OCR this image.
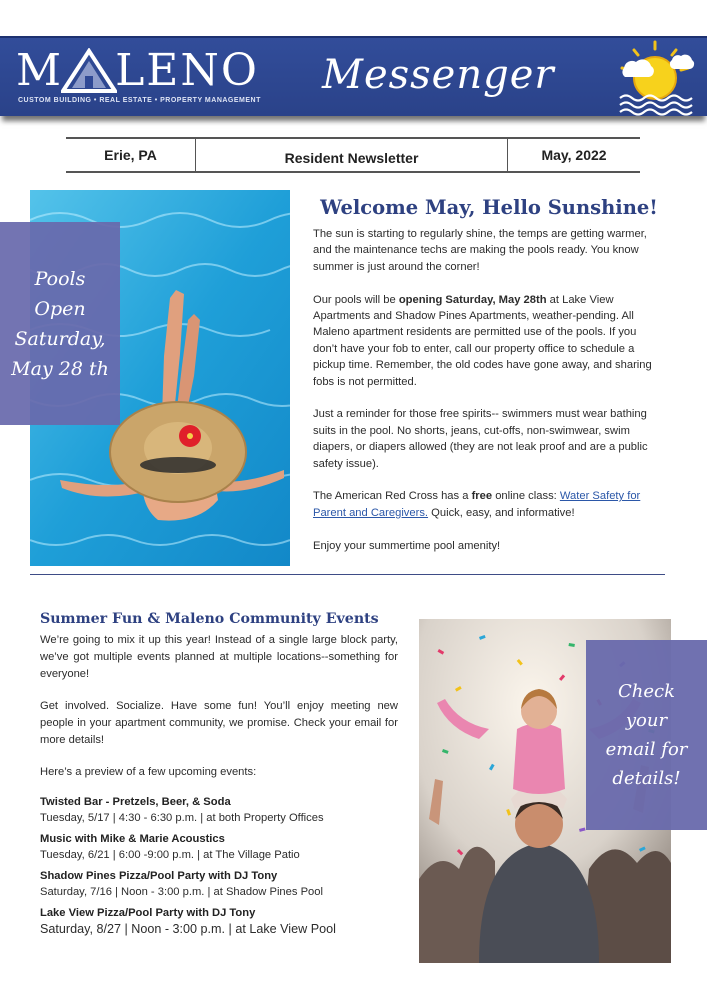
M LENO
CUSTOM BUILDING • REAL ESTATE • PROPERTY MANAGEMENT
Messenger
Erie, PA	Resident Newsletter	May, 2022
Pools
Open
Saturday,
May 28 th
Welcome May, Hello Sunshine!

The sun is starting to regularly shine, the temps are getting warmer, and the maintenance techs are making the pools ready. You know summer is just around the corner!

Our pools will be opening Saturday, May 28th at Lake View Apartments and Shadow Pines Apartments, weather-pending. All Maleno apartment residents are permitted use of the pools. If you don’t have your fob to enter, call our property office to schedule a pickup time. Remember, the old codes have gone away, and sharing fobs is not permitted.

Just a reminder for those free spirits-- swimmers must wear bathing suits in the pool. No shorts, jeans, cut-offs, non-swimwear, swim diapers, or diapers allowed (they are not leak proof and are a public safety issue).

The American Red Cross has a free online class: Water Safety for Parent and Caregivers. Quick, easy, and informative!

Enjoy your summertime pool amenity!

Summer Fun & Maleno Community Events

We’re going to mix it up this year! Instead of a single large block party, we’ve got multiple events planned at multiple locations--something for everyone!

Get involved. Socialize. Have some fun! You’ll enjoy meeting new people in your apartment community, we promise. Check your email for more details!

Here’s a preview of a few upcoming events:

Twisted Bar - Pretzels, Beer, & Soda
Tuesday, 5/17 | 4:30 - 6:30 p.m. | at both Property Offices
Music with Mike & Marie Acoustics
Tuesday, 6/21 | 6:00 -9:00 p.m. | at The Village Patio
Shadow Pines Pizza/Pool Party with DJ Tony
Saturday, 7/16 | Noon - 3:00 p.m. | at Shadow Pines Pool
Lake View Pizza/Pool Party with DJ Tony
Saturday, 8/27 | Noon - 3:00 p.m. | at Lake View Pool
Check
your
email for
details!
